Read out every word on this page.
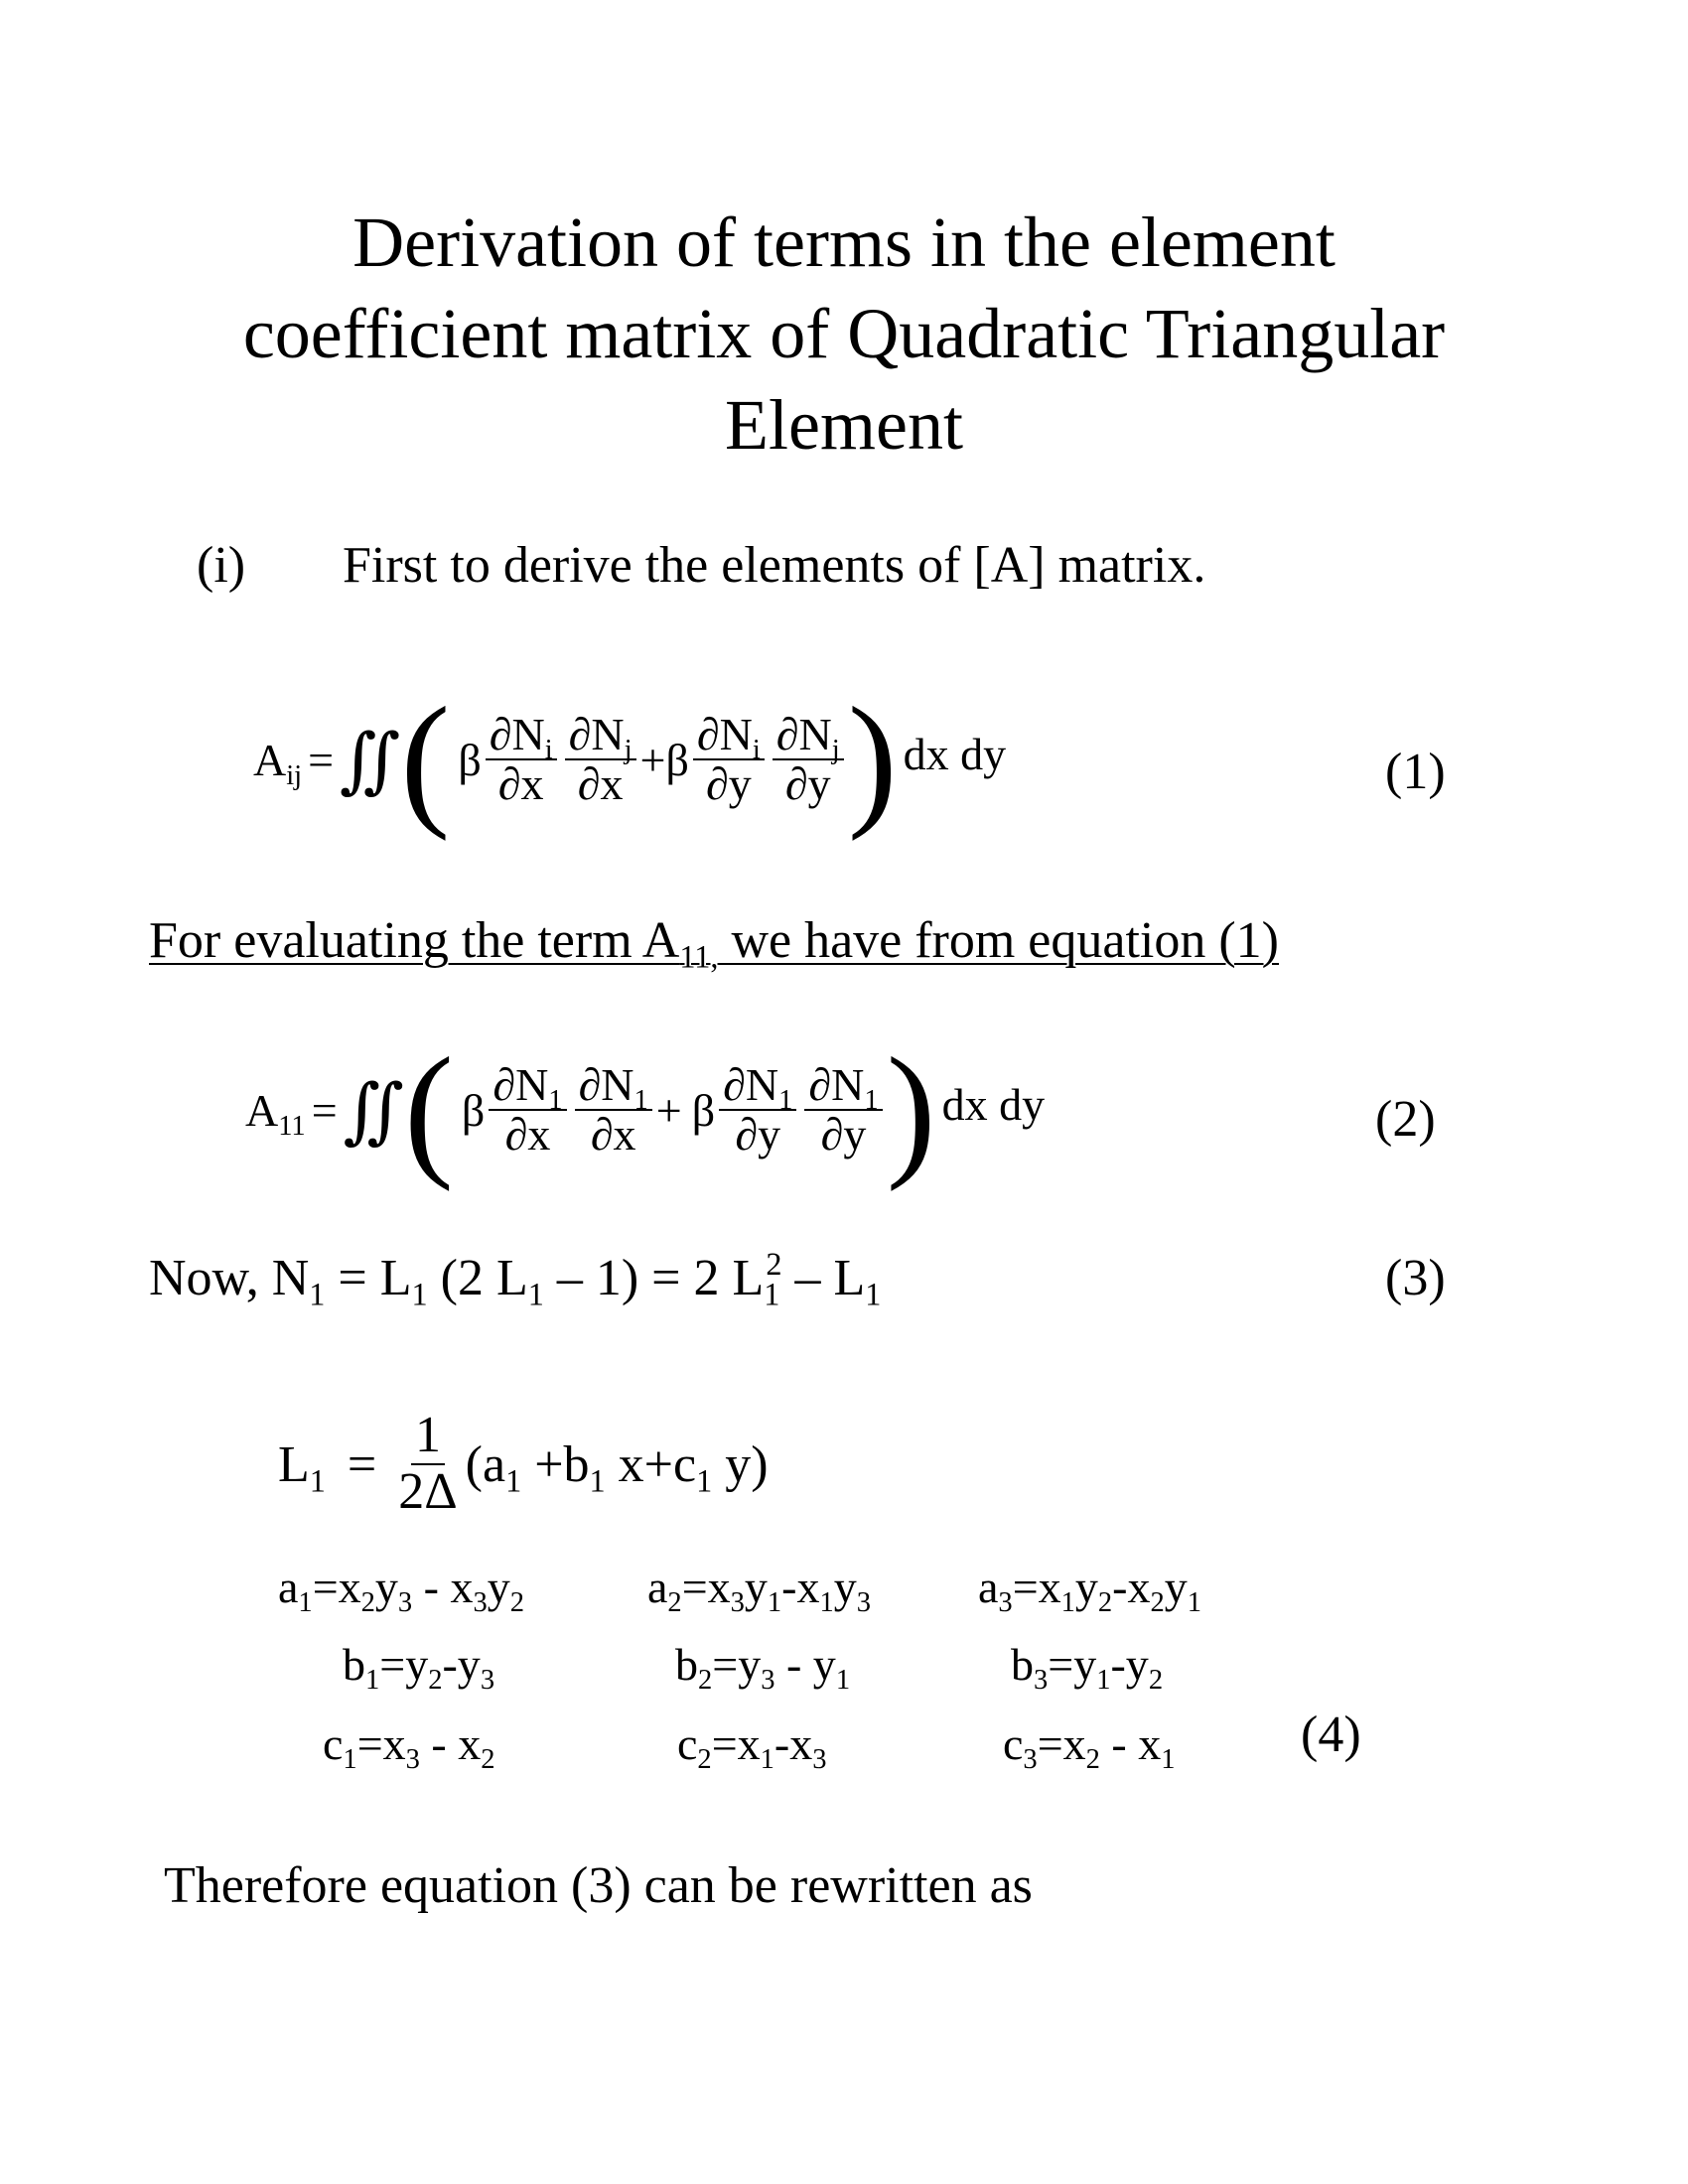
Derivation of terms in the element
coefficient matrix of Quadratic Triangular
Element
(i) First to derive the elements of [A] matrix.
$A_{ij}$ = ∬ ( β $\frac{\partial N_i}{\partial x} \frac{\partial N_j}{\partial x} + \beta \frac{\partial N_i}{\partial y} \frac{\partial N_j}{\partial y}$ ) dx dy	(1)
For evaluating the term $A_{11,}$ we have from equation (1)
$A_{11}$ = ∬ ( β $\frac{\partial N_1}{\partial x} \frac{\partial N_1}{\partial x} + \beta \frac{\partial N_1}{\partial y} \frac{\partial N_1}{\partial y}$ ) dx dy	(2)
Now, $N_1 = L_1$ (2 $L_1 - 1) = 2$ $L_1^2 - L_1$	(3)
$L_1 = \frac{1}{2\Delta} (a_1 +b_1$ $x+c_1$ y)
$a_1=x_2y_3 - x_3y_2$	$a_2=x_3y_1-x_1y_3$ $a_3=x_1y_2-x_2y_1$
$b_1=y_2-y_3$	$b_2=y_3 - y_1$	$b_3=y_1-y_2$
$c_1=x_3 - x_2$	$c_2=x_1-x_3$	$c_3=x_2 - x_1$ (4)
Therefore equation (3) can be rewritten as
